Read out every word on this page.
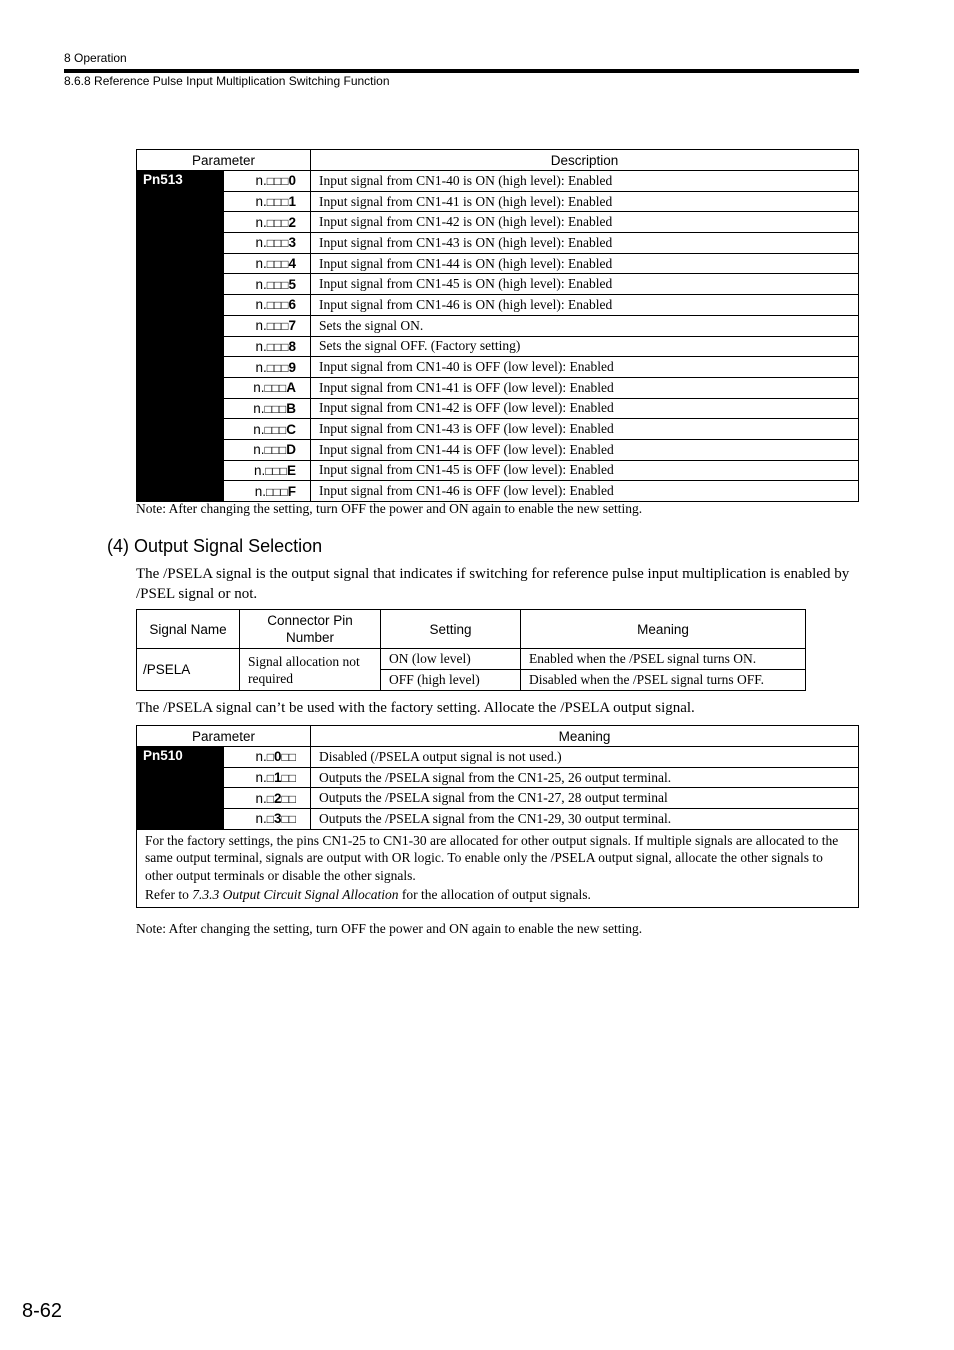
8 Operation
8.6.8 Reference Pulse Input Multiplication Switching Function
Parameter		Description
Pn513	n.□□□0	Input signal from CN1-40 is ON (high level): Enabled
	n.□□□1	Input signal from CN1-41 is ON (high level): Enabled
	n.□□□2	Input signal from CN1-42 is ON (high level): Enabled
	n.□□□3	Input signal from CN1-43 is ON (high level): Enabled
	n.□□□4	Input signal from CN1-44 is ON (high level): Enabled
	n.□□□5	Input signal from CN1-45 is ON (high level): Enabled
	n.□□□6	Input signal from CN1-46 is ON (high level): Enabled
	n.□□□7	Sets the signal ON.
	n.□□□8	Sets the signal OFF. (Factory setting)
	n.□□□9	Input signal from CN1-40 is OFF (low level): Enabled
	n.□□□A	Input signal from CN1-41 is OFF (low level): Enabled
	n.□□□B	Input signal from CN1-42 is OFF (low level): Enabled
	n.□□□C	Input signal from CN1-43 is OFF (low level): Enabled
	n.□□□D	Input signal from CN1-44 is OFF (low level): Enabled
	n.□□□E	Input signal from CN1-45 is OFF (low level): Enabled
	n.□□□F	Input signal from CN1-46 is OFF (low level): Enabled
Note: After changing the setting, turn OFF the power and ON again to enable the new setting.
(4) Output Signal Selection
The /PSELA signal is the output signal that indicates if switching for reference pulse input multiplication is enabled by /PSEL signal or not.
Signal Name	Connector Pin Number	Setting	Meaning
/PSELA	Signal allocation not required	ON (low level)	Enabled when the /PSEL signal turns ON.
		OFF (high level)	Disabled when the /PSEL signal turns OFF.
The /PSELA signal can’t be used with the factory setting. Allocate the /PSELA output signal.
Parameter		Meaning
Pn510	n.□0□□	Disabled (/PSELA output signal is not used.)
	n.□1□□	Outputs the /PSELA signal from the CN1-25, 26 output terminal.
	n.□2□□	Outputs the /PSELA signal from the CN1-27, 28 output terminal
	n.□3□□	Outputs the /PSELA signal from the CN1-29, 30 output terminal.

For the factory settings, the pins CN1-25 to CN1-30 are allocated for other output signals. If multiple signals are allocated to the same output terminal, signals are output with OR logic. To enable only the /PSELA output signal, allocate the other signals to other output terminals or disable the other signals.
Refer to 7.3.3 Output Circuit Signal Allocation for the allocation of output signals.		
Note: After changing the setting, turn OFF the power and ON again to enable the new setting.
8-62
